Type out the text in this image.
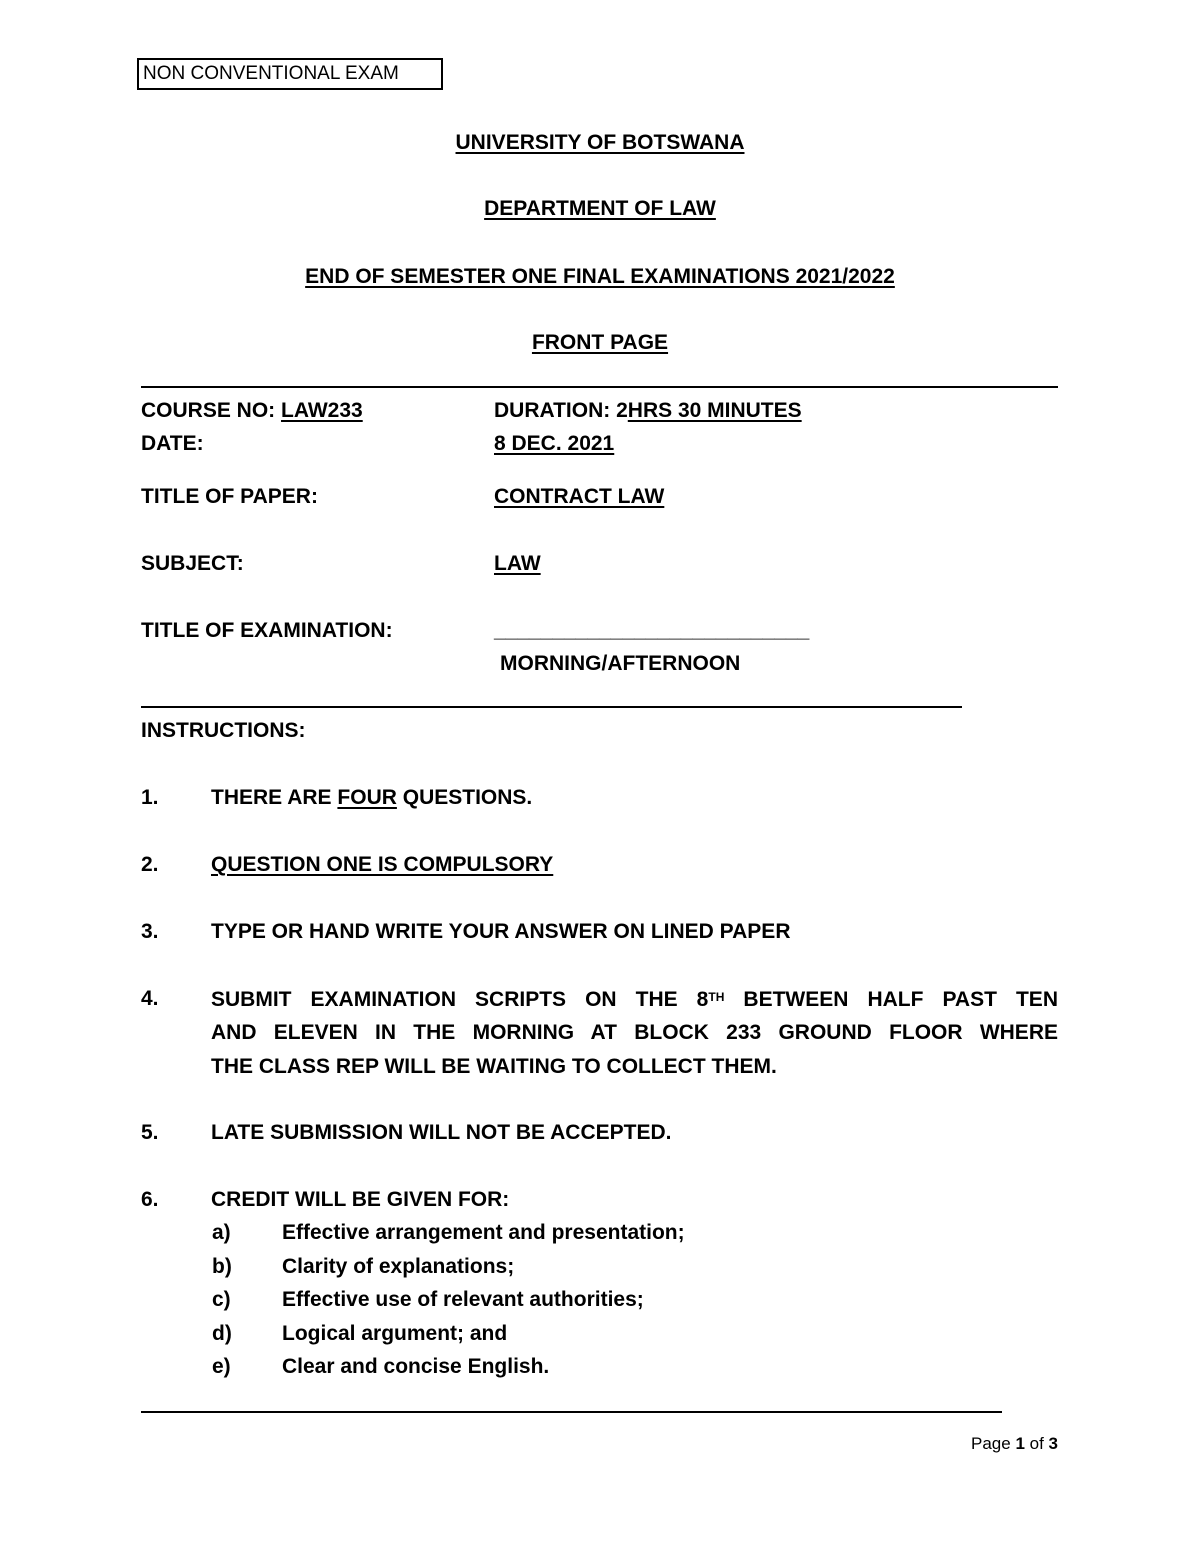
NON CONVENTIONAL EXAM
UNIVERSITY OF BOTSWANA
DEPARTMENT OF LAW
END OF SEMESTER ONE FINAL EXAMINATIONS 2021/2022
FRONT PAGE
COURSE NO: LAW233	DURATION: 2HRS 30 MINUTES
DATE:	8 DEC. 2021
TITLE OF PAPER:	CONTRACT LAW
SUBJECT:	LAW
TITLE OF EXAMINATION:	___________________________
MORNING/AFTERNOON
INSTRUCTIONS:
1. THERE ARE FOUR QUESTIONS.
2. QUESTION ONE IS COMPULSORY
3. TYPE OR HAND WRITE YOUR ANSWER ON LINED PAPER
4. SUBMIT EXAMINATION SCRIPTS ON THE 8TH BETWEEN HALF PAST TEN
AND ELEVEN IN THE MORNING AT BLOCK 233 GROUND FLOOR WHERE
THE CLASS REP WILL BE WAITING TO COLLECT THEM.
5. LATE SUBMISSION WILL NOT BE ACCEPTED.
6. CREDIT WILL BE GIVEN FOR:
a) Effective arrangement and presentation;
b) Clarity of explanations;
c) Effective use of relevant authorities;
d) Logical argument; and
e) Clear and concise English.
Page 1 of 3
